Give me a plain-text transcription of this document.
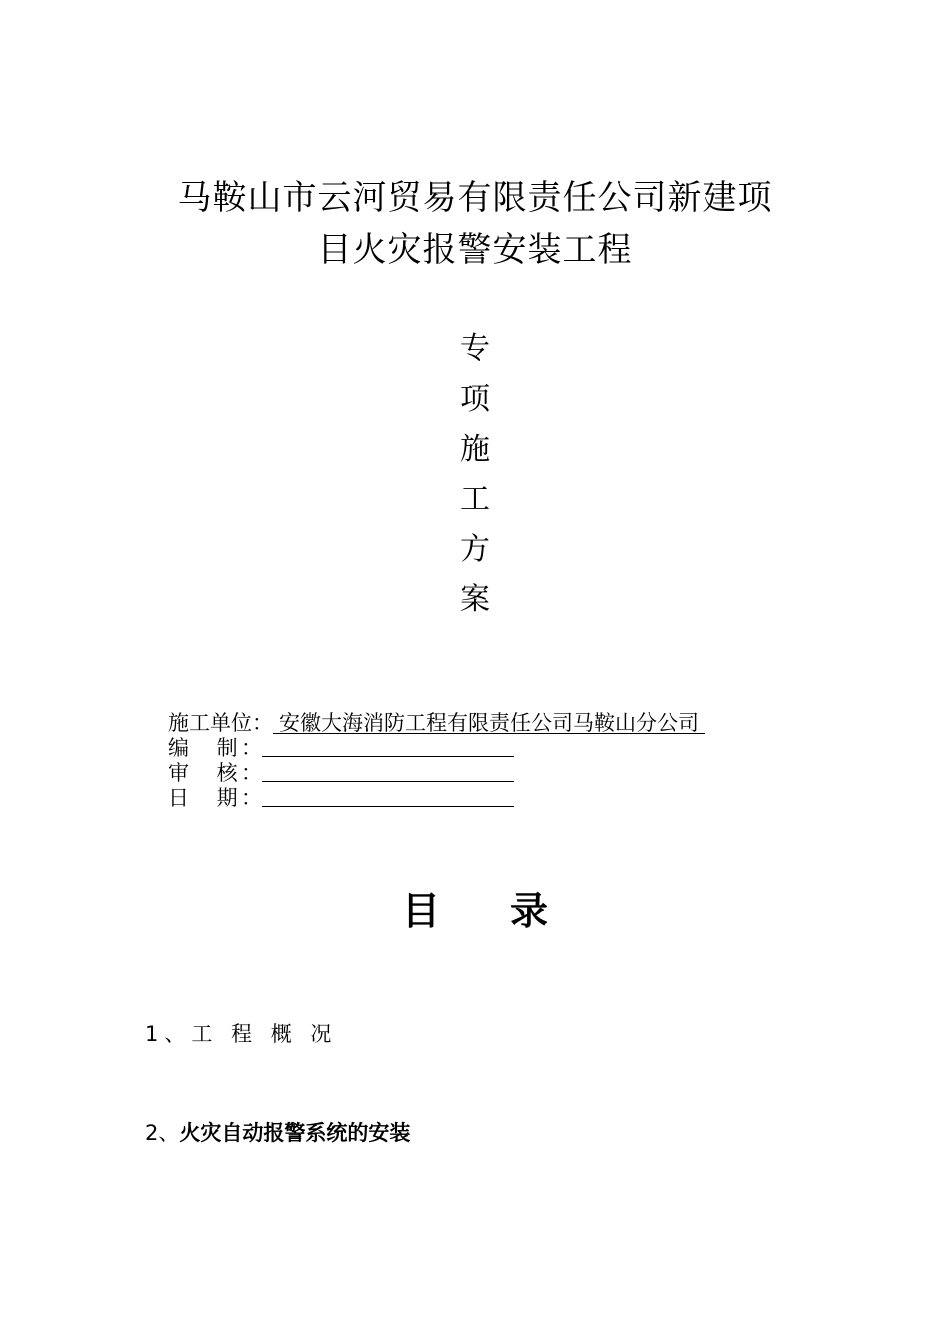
马鞍山市云河贸易有限责任公司新建项
目火灾报警安装工程
专
项
施
工
方
案
施工单位： 安徽大海消防工程有限责任公司马鞍山分公司
编　制：
审　核：
日　期：
目 录
1、工 程 概 况
2、火灾自动报警系统的安装
